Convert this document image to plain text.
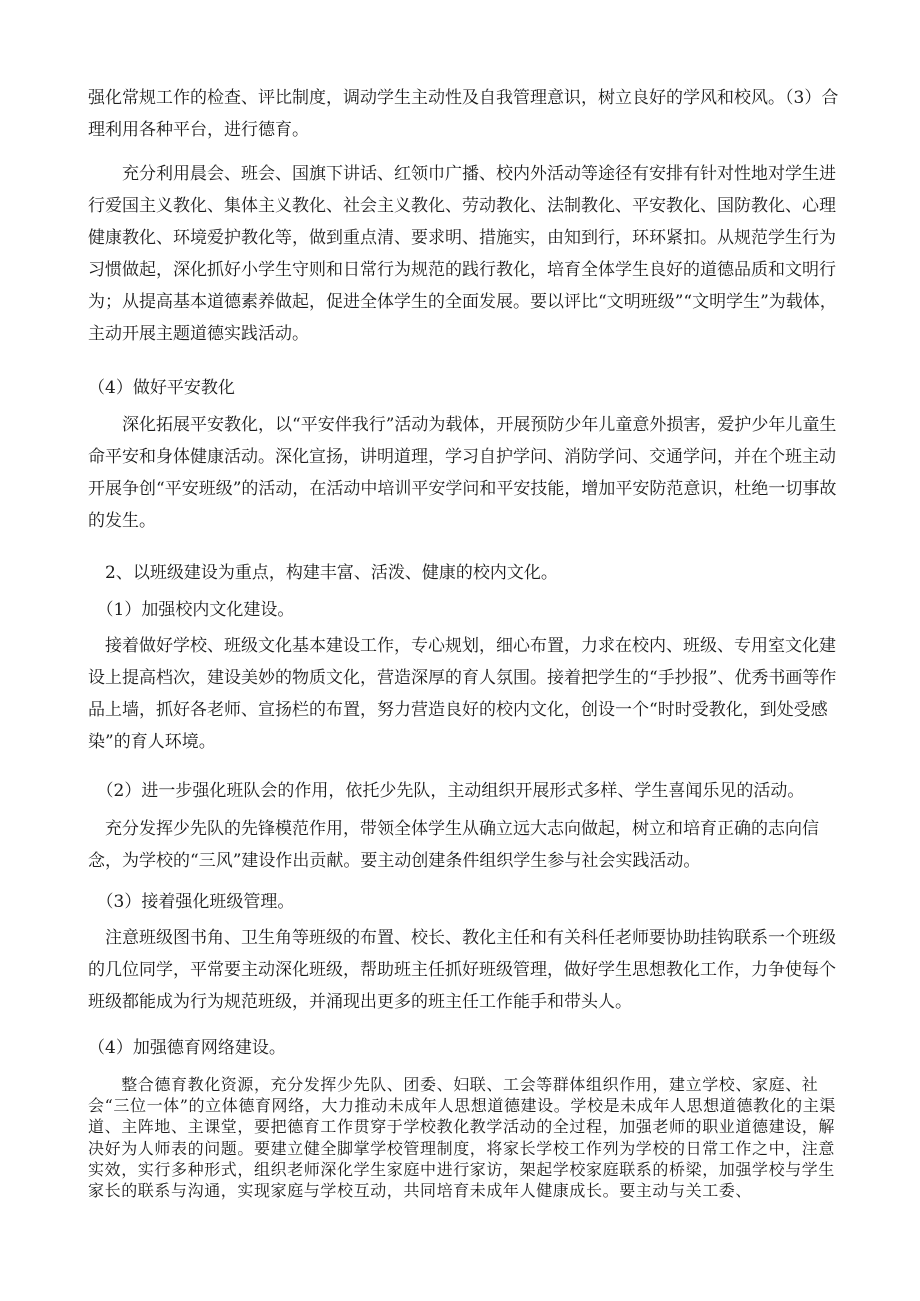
强化常规工作的检查、评比制度，调动学生主动性及自我管理意识，树立良好的学风和校风。（3）合理利用各种平台，进行德育。

　　充分利用晨会、班会、国旗下讲话、红领巾广播、校内外活动等途径有安排有针对性地对学生进行爱国主义教化、集体主义教化、社会主义教化、劳动教化、法制教化、平安教化、国防教化、心理健康教化、环境爱护教化等，做到重点清、要求明、措施实，由知到行，环环紧扣。从规范学生行为习惯做起，深化抓好小学生守则和日常行为规范的践行教化，培育全体学生良好的道德品质和文明行为；从提高基本道德素养做起，促进全体学生的全面发展。要以评比“文明班级”“文明学生”为载体，主动开展主题道德实践活动。

（4）做好平安教化

　　深化拓展平安教化，以“平安伴我行”活动为载体，开展预防少年儿童意外损害，爱护少年儿童生命平安和身体健康活动。深化宣扬，讲明道理，学习自护学问、消防学问、交通学问，并在个班主动开展争创“平安班级”的活动，在活动中培训平安学问和平安技能，增加平安防范意识，杜绝一切事故的发生。

　2、以班级建设为重点，构建丰富、活泼、健康的校内文化。

　（1）加强校内文化建设。

　接着做好学校、班级文化基本建设工作，专心规划，细心布置，力求在校内、班级、专用室文化建设上提高档次，建设美妙的物质文化，营造深厚的育人氛围。接着把学生的“手抄报”、优秀书画等作品上墙，抓好各老师、宣扬栏的布置，努力营造良好的校内文化，创设一个“时时受教化，到处受感染”的育人环境。

　（2）进一步强化班队会的作用，依托少先队，主动组织开展形式多样、学生喜闻乐见的活动。

　充分发挥少先队的先锋模范作用，带领全体学生从确立远大志向做起，树立和培育正确的志向信念，为学校的“三风”建设作出贡献。要主动创建条件组织学生参与社会实践活动。

　（3）接着强化班级管理。

　注意班级图书角、卫生角等班级的布置、校长、教化主任和有关科任老师要协助挂钩联系一个班级的几位同学，平常要主动深化班级，帮助班主任抓好班级管理，做好学生思想教化工作，力争使每个班级都能成为行为规范班级，并涌现出更多的班主任工作能手和带头人。

（4）加强德育网络建设。

　　整合德育教化资源，充分发挥少先队、团委、妇联、工会等群体组织作用，建立学校、家庭、社会“三位一体”的立体德育网络，大力推动未成年人思想道德建设。学校是未成年人思想道德教化的主渠道、主阵地、主课堂，要把德育工作贯穿于学校教化教学活动的全过程，加强老师的职业道德建设，解决好为人师表的问题。要建立健全脚掌学校管理制度，将家长学校工作列为学校的日常工作之中，注意实效，实行多种形式，组织老师深化学生家庭中进行家访，架起学校家庭联系的桥梁，加强学校与学生家长的联系与沟通，实现家庭与学校互动，共同培育未成年人健康成长。要主动与关工委、
